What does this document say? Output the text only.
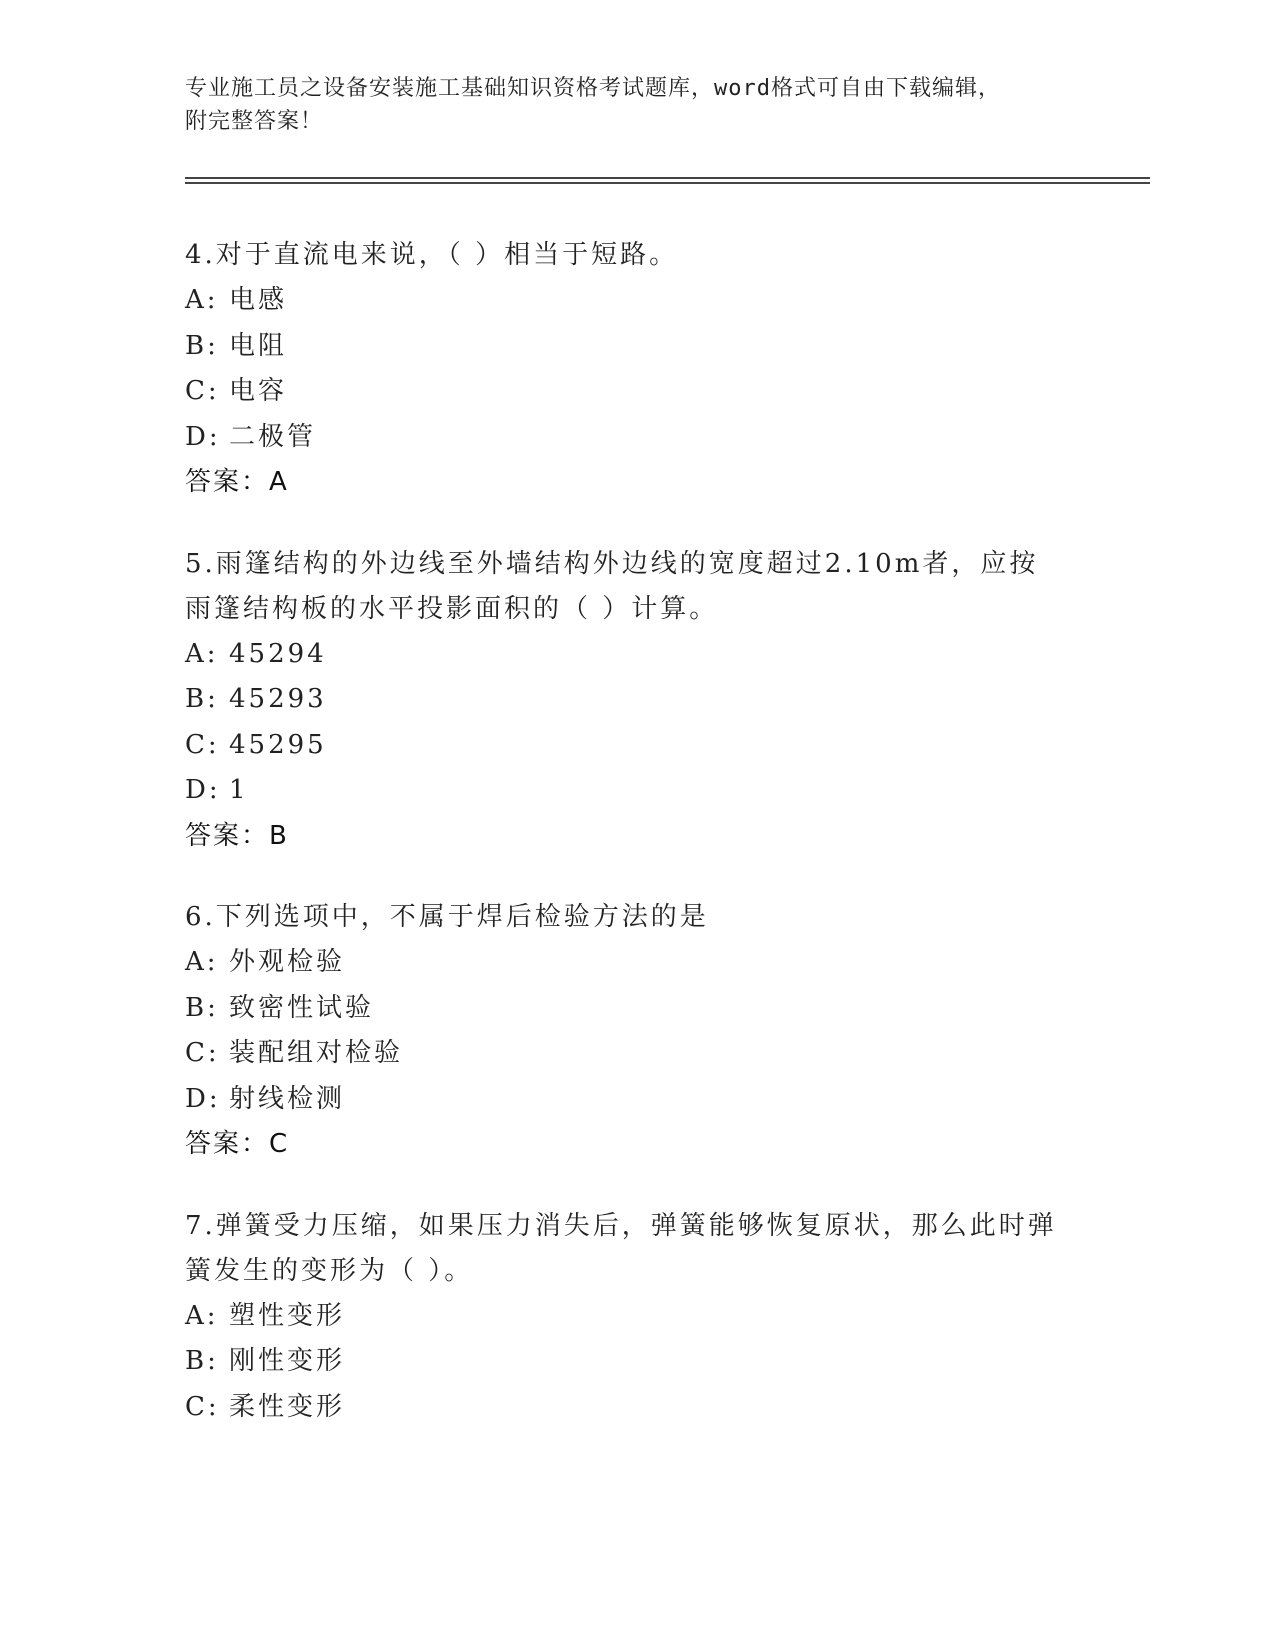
专业施工员之设备安装施工基础知识资格考试题库，word格式可自由下载编辑，
附完整答案！

4.对于直流电来说，（ ）相当于短路。

A: 电感

B: 电阻

C: 电容

D: 二极管

答案：A

5.雨篷结构的外边线至外墙结构外边线的宽度超过2.10m者，应按雨篷结构板的水平投影面积的（ ）计算。

A: 45294

B: 45293

C: 45295

D: 1

答案：B

6.下列选项中，不属于焊后检验方法的是

A: 外观检验

B: 致密性试验

C: 装配组对检验

D: 射线检测

答案：C

7.弹簧受力压缩，如果压力消失后，弹簧能够恢复原状，那么此时弹簧发生的变形为（ ）。

A: 塑性变形

B: 刚性变形

C: 柔性变形
